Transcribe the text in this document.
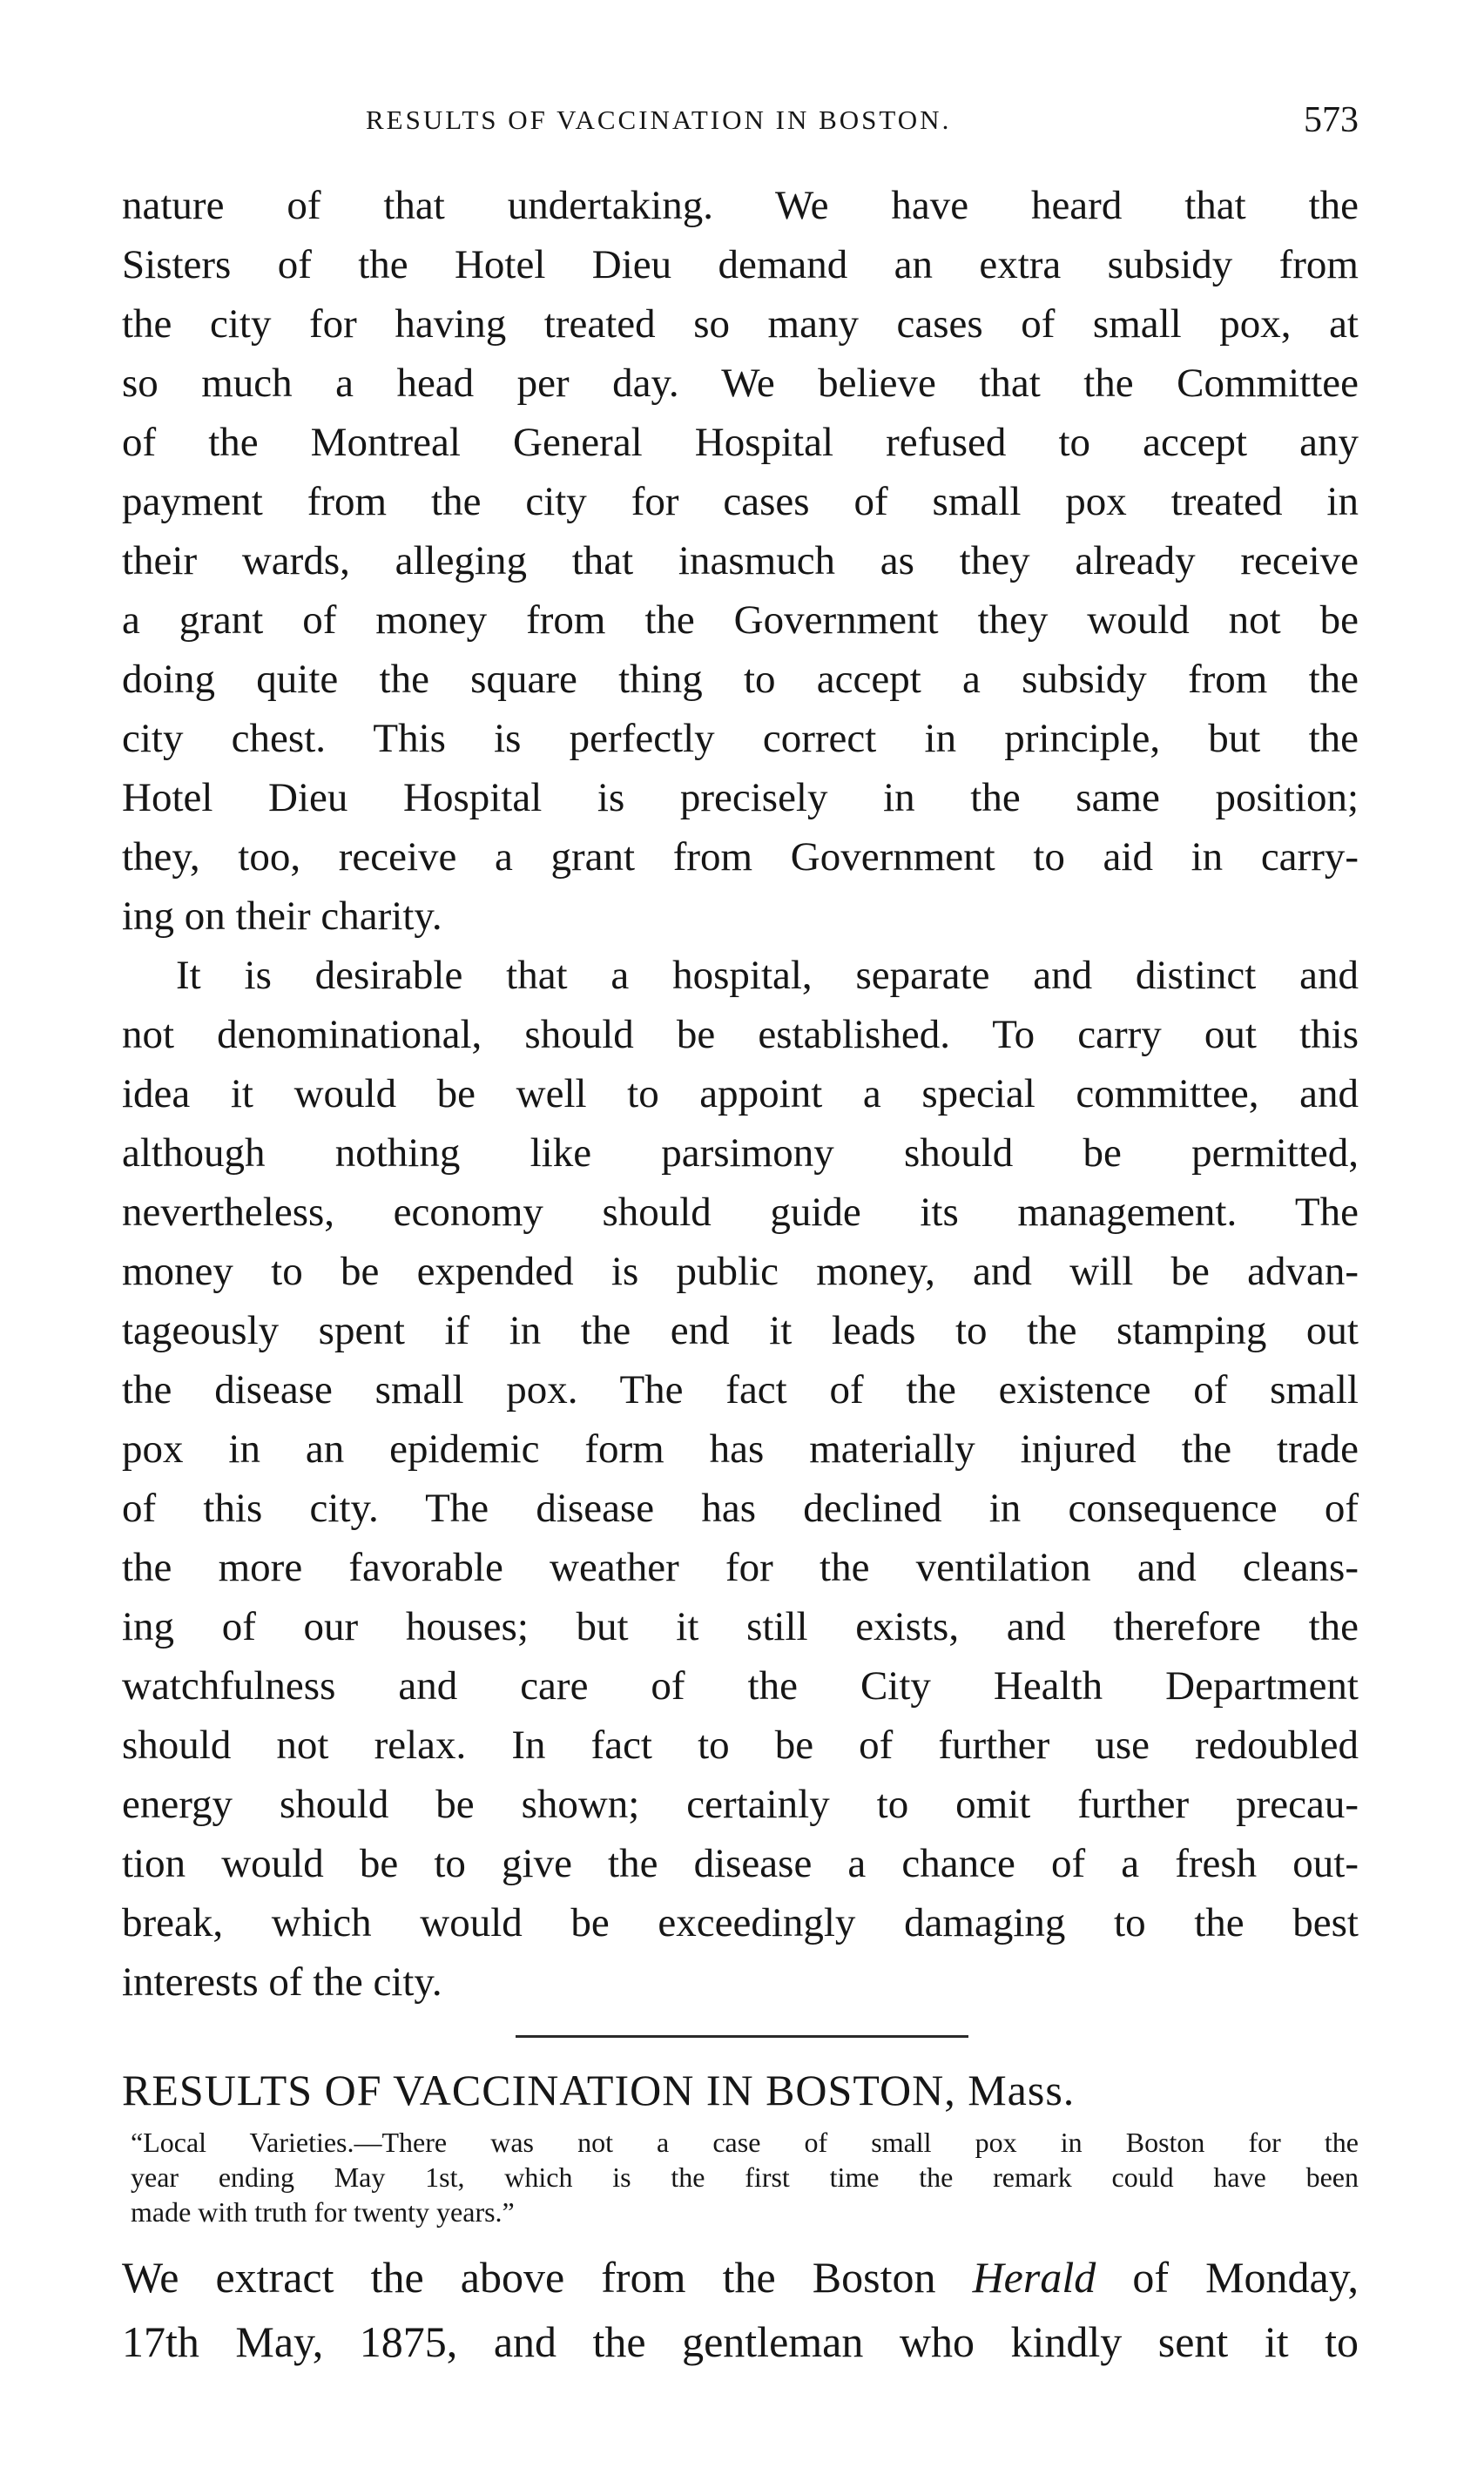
RESULTS OF VACCINATION IN BOSTON.	573
nature of that undertaking. We have heard that the
Sisters of the Hotel Dieu demand an extra subsidy from
the city for having treated so many cases of small pox, at
so much a head per day. We believe that the Committee
of the Montreal General Hospital refused to accept any
payment from the city for cases of small pox treated in
their wards, alleging that inasmuch as they already receive
a grant of money from the Government they would not be
doing quite the square thing to accept a subsidy from the
city chest. This is perfectly correct in principle, but the
Hotel Dieu Hospital is precisely in the same position;
they, too, receive a grant from Government to aid in carry-
ing on their charity.
It is desirable that a hospital, separate and distinct and
not denominational, should be established. To carry out this
idea it would be well to appoint a special committee, and
although nothing like parsimony should be permitted,
nevertheless, economy should guide its management. The
money to be expended is public money, and will be advan-
tageously spent if in the end it leads to the stamping out
the disease small pox. The fact of the existence of small
pox in an epidemic form has materially injured the trade
of this city. The disease has declined in consequence of
the more favorable weather for the ventilation and cleans-
ing of our houses; but it still exists, and therefore the
watchfulness and care of the City Health Department
should not relax. In fact to be of further use redoubled
energy should be shown; certainly to omit further precau-
tion would be to give the disease a chance of a fresh out-
break, which would be exceedingly damaging to the best
interests of the city.
RESULTS OF VACCINATION IN BOSTON, Mass.
“Local Varieties.—There was not a case of small pox in Boston for the
year ending May 1st, which is the first time the remark could have been
made with truth for twenty years.”
We extract the above from the Boston Herald of Monday,
17th May, 1875, and the gentleman who kindly sent it to
